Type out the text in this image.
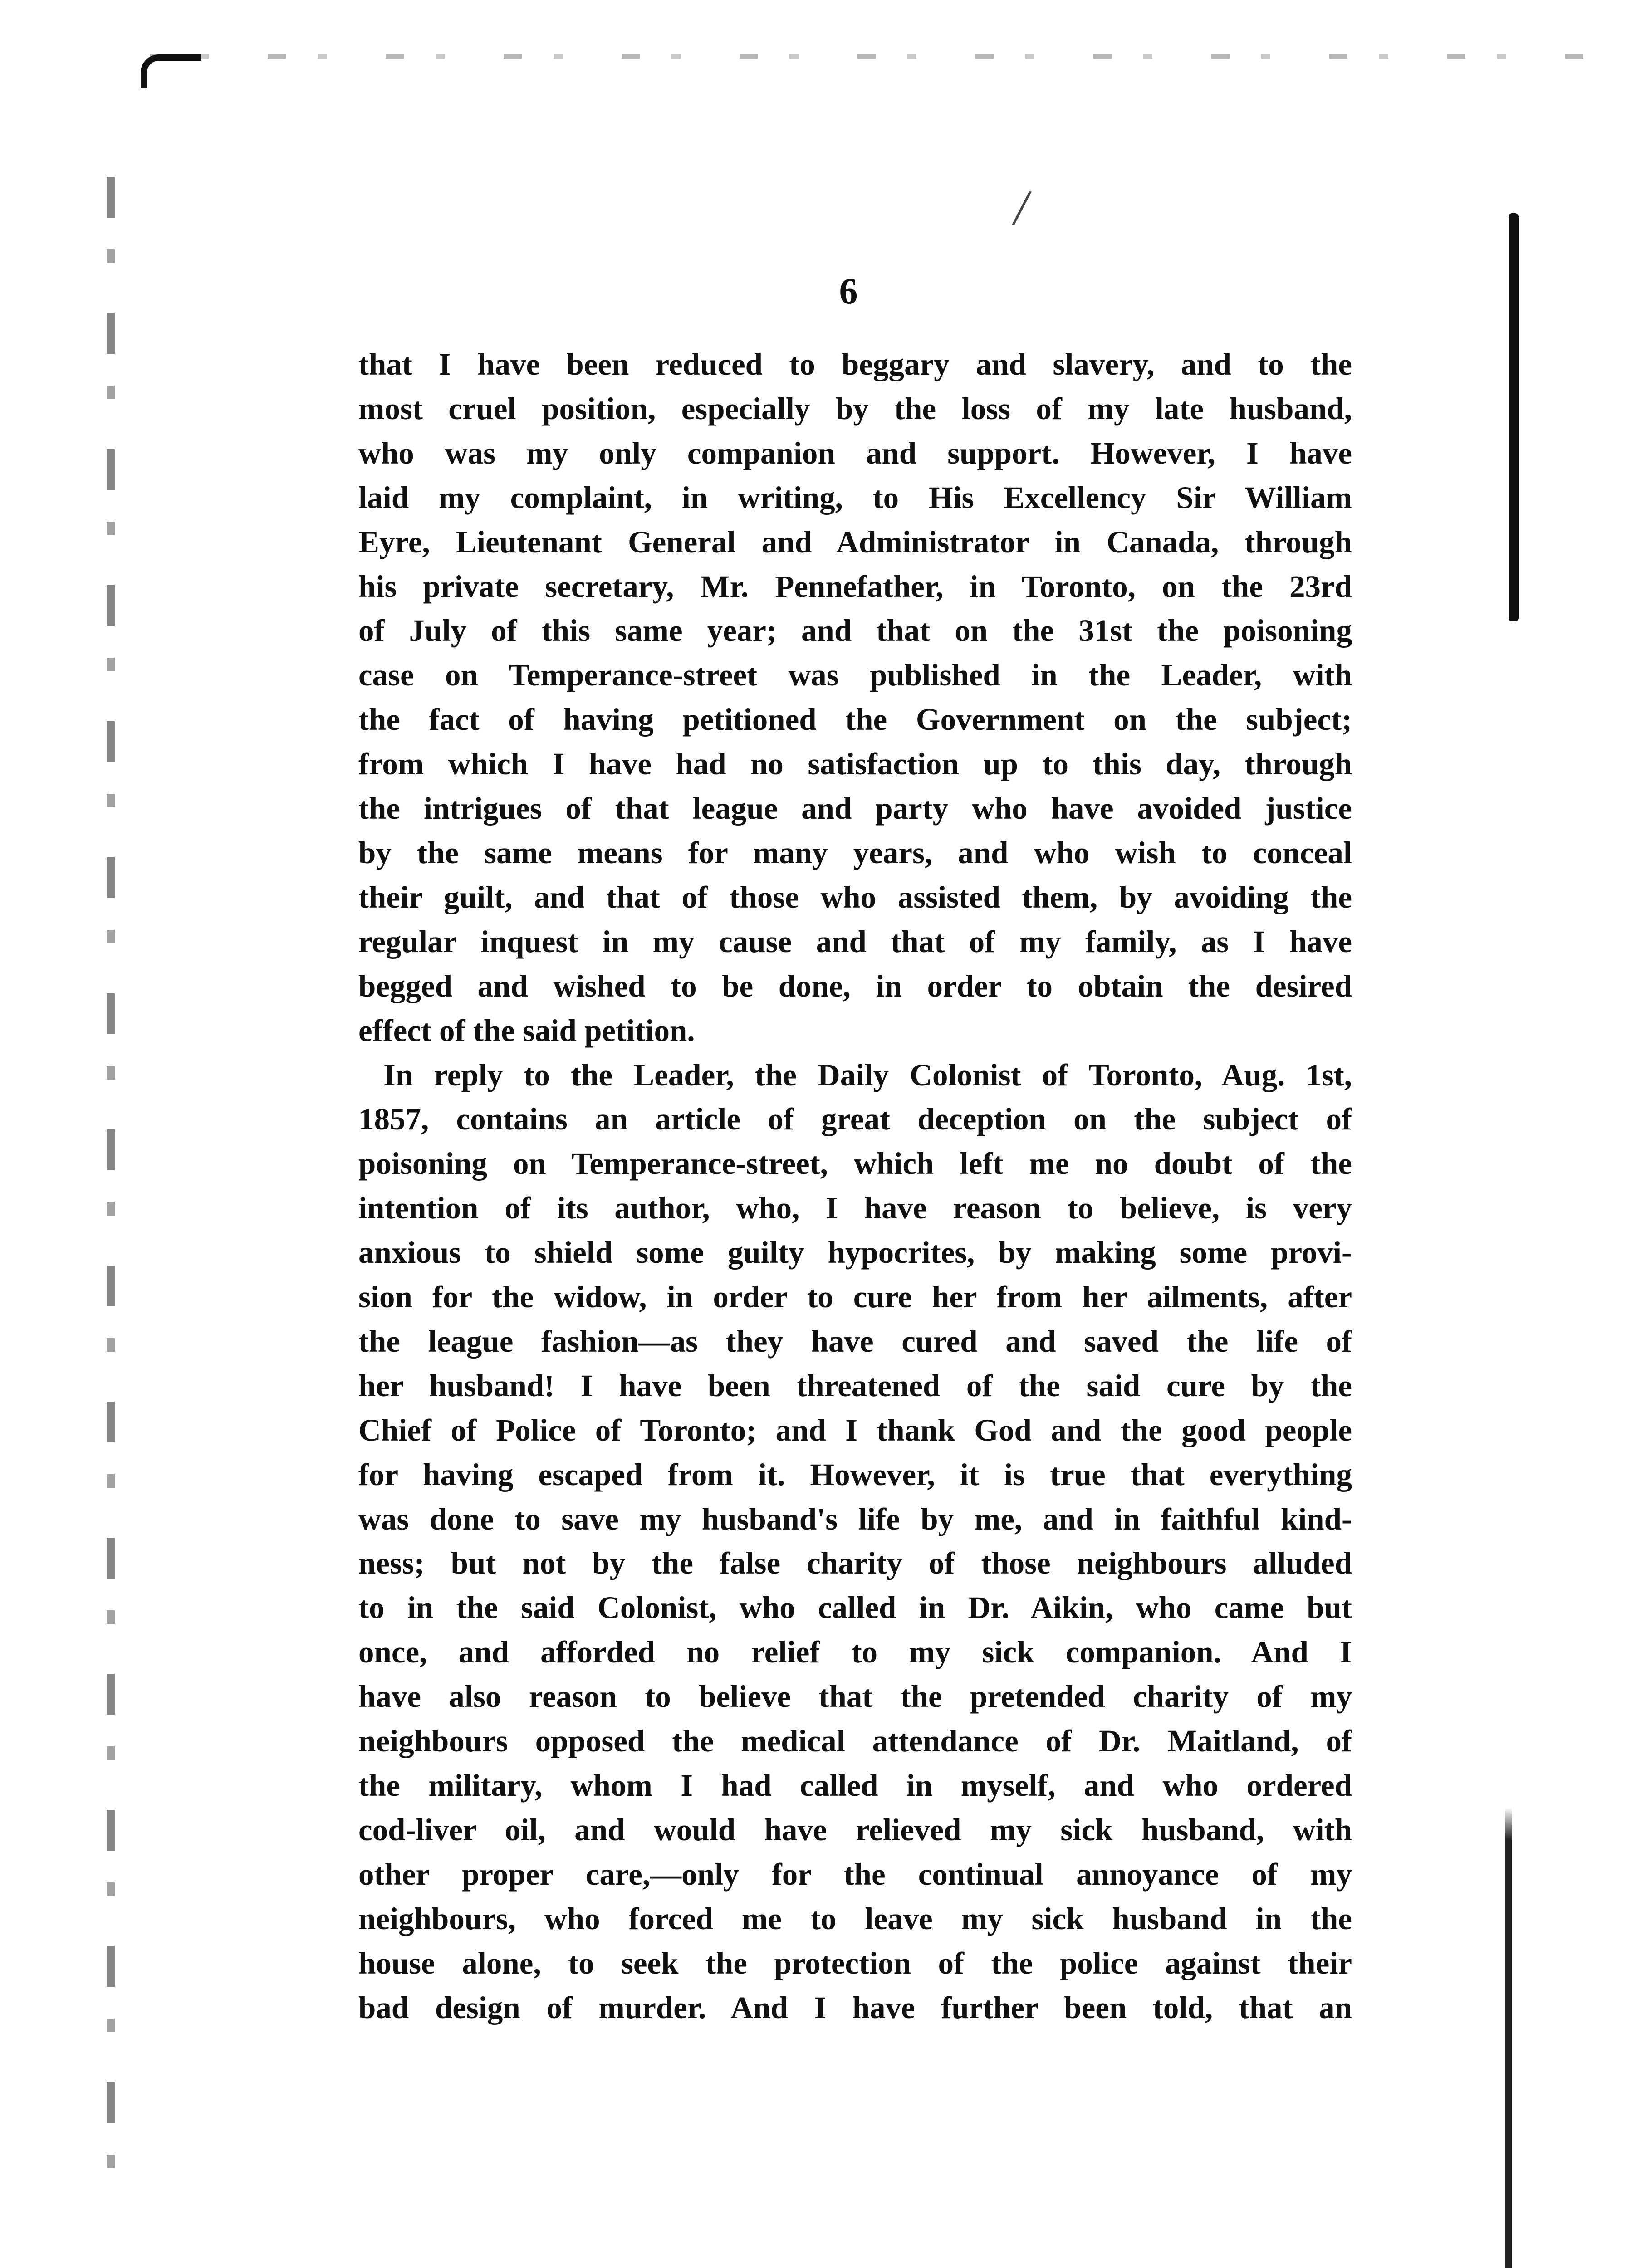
/
6

that I have been reduced to beggary and slavery, and to the

most cruel position, especially by the loss of my late husband,

who was my only companion and support. However, I have

laid my complaint, in writing, to His Excellency Sir William

Eyre, Lieutenant General and Administrator in Canada, through

his private secretary, Mr. Pennefather, in Toronto, on the 23rd

of July of this same year; and that on the 31st the poisoning

case on Temperance-street was published in the Leader, with

the fact of having petitioned the Government on the subject;

from which I have had no satisfaction up to this day, through

the intrigues of that league and party who have avoided justice

by the same means for many years, and who wish to conceal

their guilt, and that of those who assisted them, by avoiding the

regular inquest in my cause and that of my family, as I have

begged and wished to be done, in order to obtain the desired

effect of the said petition.

In reply to the Leader, the Daily Colonist of Toronto, Aug. 1st,

1857, contains an article of great deception on the subject of

poisoning on Temperance-street, which left me no doubt of the

intention of its author, who, I have reason to believe, is very

anxious to shield some guilty hypocrites, by making some provi-

sion for the widow, in order to cure her from her ailments, after

the league fashion—as they have cured and saved the life of

her husband! I have been threatened of the said cure by the

Chief of Police of Toronto; and I thank God and the good people

for having escaped from it. However, it is true that everything

was done to save my husband's life by me, and in faithful kind-

ness; but not by the false charity of those neighbours alluded

to in the said Colonist, who called in Dr. Aikin, who came but

once, and afforded no relief to my sick companion. And I

have also reason to believe that the pretended charity of my

neighbours opposed the medical attendance of Dr. Maitland, of

the military, whom I had called in myself, and who ordered

cod-liver oil, and would have relieved my sick husband, with

other proper care,—only for the continual annoyance of my

neighbours, who forced me to leave my sick husband in the

house alone, to seek the protection of the police against their

bad design of murder. And I have further been told, that an
